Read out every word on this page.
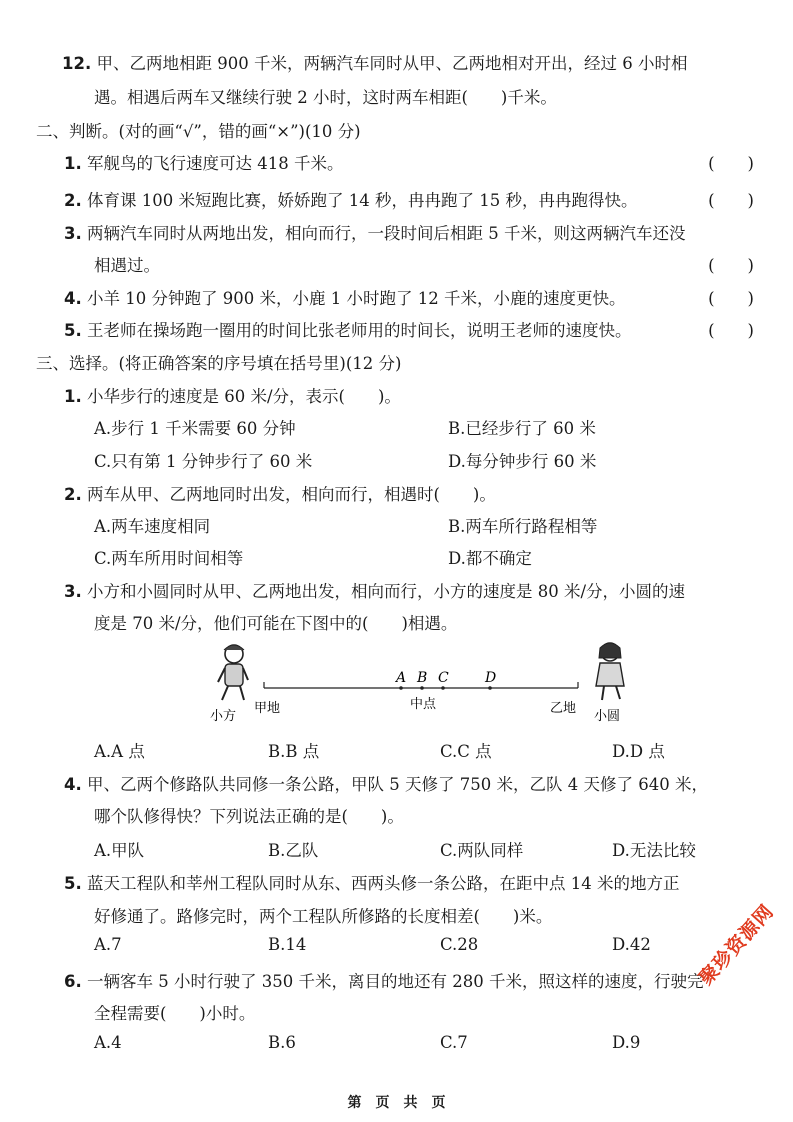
12. 甲、乙两地相距 900 千米，两辆汽车同时从甲、乙两地相对开出，经过 6 小时相
遇。相遇后两车又继续行驶 2 小时，这时两车相距(　　)千米。
二、判断。(对的画“√”，错的画“×”)(10 分)
1. 军舰鸟的飞行速度可达 418 千米。	(　　)
2. 体育课 100 米短跑比赛，娇娇跑了 14 秒，冉冉跑了 15 秒，冉冉跑得快。	(　　)
3. 两辆汽车同时从两地出发，相向而行，一段时间后相距 5 千米，则这两辆汽车还没
相遇过。	(　　)
4. 小羊 10 分钟跑了 900 米，小鹿 1 小时跑了 12 千米，小鹿的速度更快。	(　　)
5. 王老师在操场跑一圈用的时间比张老师用的时间长，说明王老师的速度快。	(　　)
三、选择。(将正确答案的序号填在括号里)(12 分)
1. 小华步行的速度是 60 米/分，表示(　　)。
A.步行 1 千米需要 60 分钟	B.已经步行了 60 米
C.只有第 1 分钟步行了 60 米	D.每分钟步行 60 米
2. 两车从甲、乙两地同时出发，相向而行，相遇时(　　)。
A.两车速度相同	B.两车所行路程相等
C.两车所用时间相等	D.都不确定
3. 小方和小圆同时从甲、乙两地出发，相向而行，小方的速度是 80 米/分，小圆的速
度是 70 米/分，他们可能在下图中的(　　)相遇。
A B C	D
中点
甲地	乙地
小方	小圆
A.A 点	B.B 点	C.C 点	D.D 点
4. 甲、乙两个修路队共同修一条公路，甲队 5 天修了 750 米，乙队 4 天修了 640 米，
哪个队修得快？下列说法正确的是(　　)。
A.甲队	B.乙队	C.两队同样	D.无法比较
5. 蓝天工程队和莘州工程队同时从东、西两头修一条公路，在距中点 14 米的地方正
好修通了。路修完时，两个工程队所修路的长度相差(　　)米。
A.7	B.14	C.28	D.42
6. 一辆客车 5 小时行驶了 350 千米，离目的地还有 280 千米，照这样的速度，行驶完
全程需要(　　)小时。
A.4	B.6	C.7	D.9
聚珍资源网
第　页　共　页
